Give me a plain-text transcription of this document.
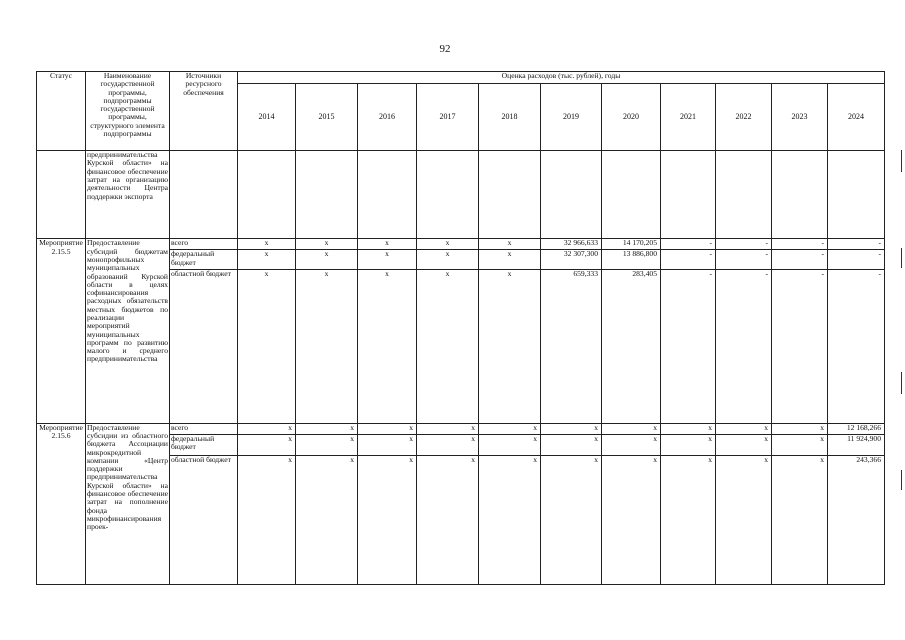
92
Статус	Наименование государственной программы, подпрограммы государственной программы, структурного элемента подпрограммы	Источники ресурсного обеспечения	Оценка расходов (тыс. рублей), годы										
			2014	2015	2016	2017	2018	2019	2020	2021	2022	2023	2024
	предпринимательства Курской области» на финансовое обеспечение затрат на организацию деятельности Центра поддержки экспорта												
Мероприятие 2.15.5	Предоставление субсидий бюджетам монопрофильных муниципальных образований Курской области в целях софинансирования расходных обязательств местных бюджетов по реализации мероприятий муниципальных программ по развитию малого и среднего предпринимательства	всего	x	x	x	x	x	32 966,633	14 170,205	-	-	-	-
		федеральный бюджет	x	x	x	x	x	32 307,300	13 886,800	-	-	-	-
		областной бюджет	x	x	x	x	x	659,333	283,405	-	-	-	-
Мероприятие 2.15.6	Предоставление субсидии из областного бюджета Ассоциации микрокредитной компании «Центр поддержки предпринимательства Курской области» на финансовое обеспечение затрат на пополнение фонда микрофинансирования проек-	всего	x	x	x	x	x	x	x	x	x	x	12 168,266
		федеральный бюджет	x	x	x	x	x	x	x	x	x	x	11 924,900
		областной бюджет	x	x	x	x	x	x	x	x	x	x	243,366
